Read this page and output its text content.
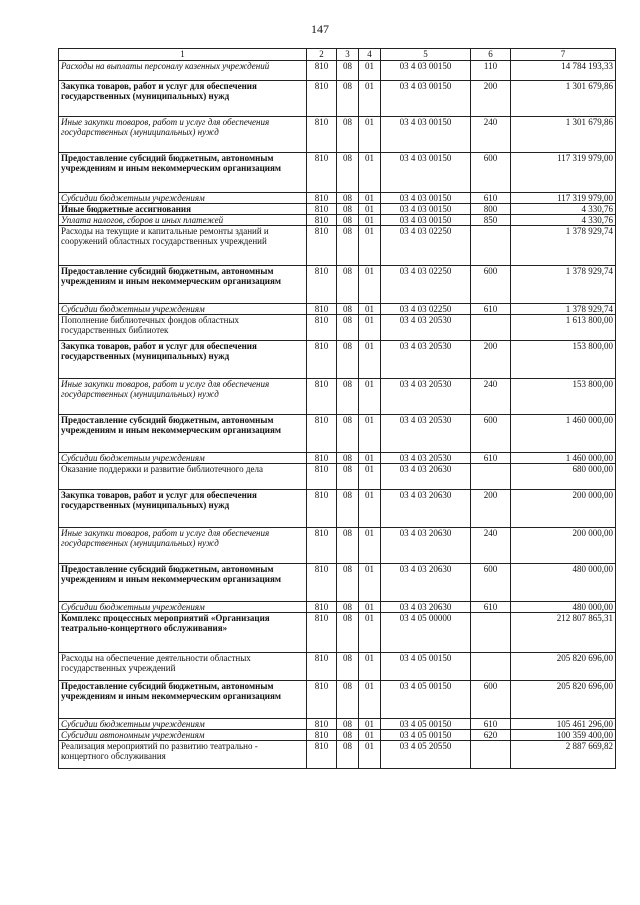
147
1	2	3	4	5	6	7
Расходы на выплаты персоналу казенных учреждений	810	08	01	03 4 03 00150	110	14 784 193,33
Закупка товаров, работ и услуг для обеспечения государственных (муниципальных) нужд	810	08	01	03 4 03 00150	200	1 301 679,86
Иные закупки товаров, работ и услуг для обеспечения государственных (муниципальных) нужд	810	08	01	03 4 03 00150	240	1 301 679,86
Предоставление субсидий бюджетным, автономным учреждениям и иным некоммерческим организациям	810	08	01	03 4 03 00150	600	117 319 979,00
Субсидии бюджетным учреждениям	810	08	01	03 4 03 00150	610	117 319 979,00
Иные бюджетные ассигнования	810	08	01	03 4 03 00150	800	4 330,76
Уплата налогов, сборов и иных платежей	810	08	01	03 4 03 00150	850	4 330,76
Расходы на текущие и капитальные ремонты зданий и сооружений областных государственных учреждений	810	08	01	03 4 03 02250		1 378 929,74
Предоставление субсидий бюджетным, автономным учреждениям и иным некоммерческим организациям	810	08	01	03 4 03 02250	600	1 378 929,74
Субсидии бюджетным учреждениям	810	08	01	03 4 03 02250	610	1 378 929,74
Пополнение библиотечных фондов областных государственных библиотек	810	08	01	03 4 03 20530		1 613 800,00
Закупка товаров, работ и услуг для обеспечения государственных (муниципальных) нужд	810	08	01	03 4 03 20530	200	153 800,00
Иные закупки товаров, работ и услуг для обеспечения государственных (муниципальных) нужд	810	08	01	03 4 03 20530	240	153 800,00
Предоставление субсидий бюджетным, автономным учреждениям и иным некоммерческим организациям	810	08	01	03 4 03 20530	600	1 460 000,00
Субсидии бюджетным учреждениям	810	08	01	03 4 03 20530	610	1 460 000,00
Оказание поддержки и развитие библиотечного дела	810	08	01	03 4 03 20630		680 000,00
Закупка товаров, работ и услуг для обеспечения государственных (муниципальных) нужд	810	08	01	03 4 03 20630	200	200 000,00
Иные закупки товаров, работ и услуг для обеспечения государственных (муниципальных) нужд	810	08	01	03 4 03 20630	240	200 000,00
Предоставление субсидий бюджетным, автономным учреждениям и иным некоммерческим организациям	810	08	01	03 4 03 20630	600	480 000,00
Субсидии бюджетным учреждениям	810	08	01	03 4 03 20630	610	480 000,00
Комплекс процессных мероприятий «Организация театрально-концертного обслуживания»	810	08	01	03 4 05 00000		212 807 865,31
Расходы на обеспечение деятельности областных государственных учреждений	810	08	01	03 4 05 00150		205 820 696,00
Предоставление субсидий бюджетным, автономным учреждениям и иным некоммерческим организациям	810	08	01	03 4 05 00150	600	205 820 696,00
Субсидии бюджетным учреждениям	810	08	01	03 4 05 00150	610	105 461 296,00
Субсидии автономным учреждениям	810	08	01	03 4 05 00150	620	100 359 400,00
Реализация мероприятий по развитию театрально - концертного обслуживания	810	08	01	03 4 05 20550		2 887 669,82
